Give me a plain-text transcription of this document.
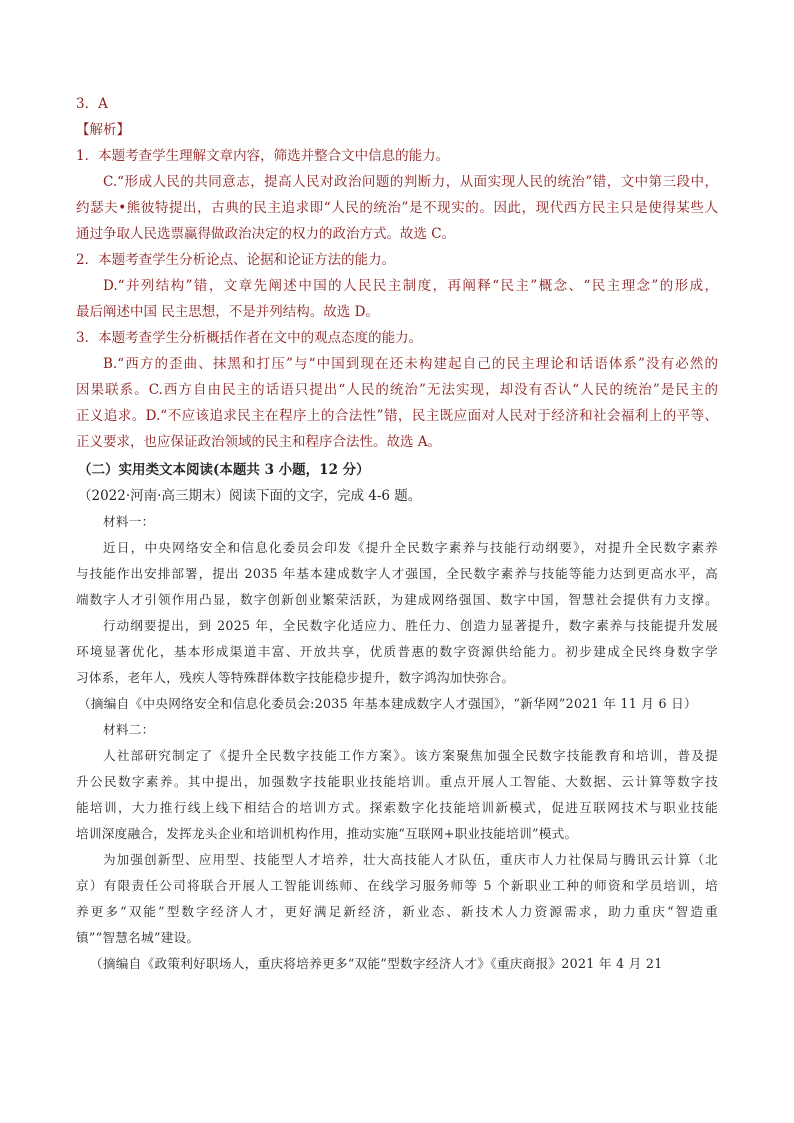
3．A
【解析】
1．本题考查学生理解文章内容，筛选并整合文中信息的能力。
C.“形成人民的共同意志，提高人民对政治问题的判断力，从面实现人民的统治”错，文中第三段中，
约瑟夫•熊彼特提出，古典的民主追求即“人民的统治”是不现实的。因此，现代西方民主只是使得某些人
通过争取人民选票赢得做政治决定的权力的政治方式。故选 C。
2．本题考查学生分析论点、论据和论证方法的能力。
D.“并列结构”错，文章先阐述中国的人民民主制度，再阐释“民主”概念、“民主理念”的形成，
最后阐述中国 民主思想，不是并列结构。故选 D。
3．本题考查学生分析概括作者在文中的观点态度的能力。
B.“西方的歪曲、抹黑和打压”与“中国到现在还未构建起自己的民主理论和话语体系”没有必然的
因果联系。C.西方自由民主的话语只提出“人民的统治”无法实现，却没有否认“人民的统治”是民主的
正义追求。D.“不应该追求民主在程序上的合法性”错，民主既应面对人民对于经济和社会福利上的平等、
正义要求，也应保证政治领域的民主和程序合法性。故选 A。
（二）实用类文本阅读(本题共 3 小题，12 分）
（2022·河南·高三期末）阅读下面的文字，完成 4-6 题。
材料一：
近日，中央网络安全和信息化委员会印发《提升全民数字素养与技能行动纲要》，对提升全民数字素养
与技能作出安排部署，提出 2035 年基本建成数字人才强国，全民数字素养与技能等能力达到更高水平，高
端数字人才引领作用凸显，数字创新创业繁荣活跃，为建成网络强国、数字中国，智慧社会提供有力支撑。
行动纲要提出，到 2025 年，全民数字化适应力、胜任力、创造力显著提升，数字素养与技能提升发展
环境显著优化，基本形成渠道丰富、开放共享，优质普惠的数字资源供给能力。初步建成全民终身数字学
习体系，老年人，残疾人等特殊群体数字技能稳步提升，数字鸿沟加快弥合。
（摘编自《中央网络安全和信息化委员会:2035 年基本建成数字人才强国》，“新华网”2021 年 11 月 6 日）
材料二：
人社部研究制定了《提升全民数字技能工作方案》。该方案聚焦加强全民数字技能教育和培训，普及提
升公民数字素养。其中提出，加强数字技能职业技能培训。重点开展人工智能、大数据、云计算等数字技
能培训，大力推行线上线下相结合的培训方式。探索数字化技能培训新模式，促进互联网技术与职业技能
培训深度融合，发挥龙头企业和培训机构作用，推动实施“互联网+职业技能培训”模式。
为加强创新型、应用型、技能型人才培养，壮大高技能人才队伍，重庆市人力社保局与腾讯云计算（北
京）有限责任公司将联合开展人工智能训练师、在线学习服务师等 5 个新职业工种的师资和学员培训，培
养更多“双能”型数字经济人才，更好满足新经济，新业态、新技术人力资源需求，助力重庆“智造重
镇”“智慧名城”建设。
（摘编自《政策利好职场人，重庆将培养更多“双能”型数字经济人才》《重庆商报》2021 年 4 月 21
